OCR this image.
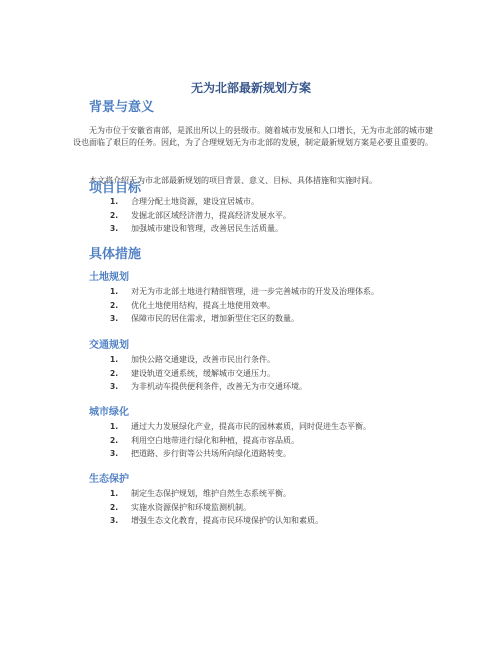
无为北部最新规划方案
背景与意义

无为市位于安徽省南部，是派出所以上的县级市。随着城市发展和人口增长，无为市北部的城市建设也面临了艰巨的任务。因此，为了合理规划无为市北部的发展，制定最新规划方案是必要且重要的。

本文将介绍无为市北部最新规划的项目背景、意义、目标、具体措施和实施时间。

项目目标
1. 合理分配土地资源，建设宜居城市。
2. 发掘北部区域经济潜力，提高经济发展水平。
3. 加强城市建设和管理，改善居民生活质量。
具体措施
土地规划
1. 对无为市北部土地进行精细管理，进一步完善城市的开发及治理体系。
2. 优化土地使用结构，提高土地使用效率。
3. 保障市民的居住需求，增加新型住宅区的数量。
交通规划
1. 加快公路交通建设，改善市民出行条件。
2. 建设轨道交通系统，缓解城市交通压力。
3. 为非机动车提供便利条件，改善无为市交通环境。
城市绿化
1. 通过大力发展绿化产业，提高市民的园林素质，同时促进生态平衡。
2. 利用空白地带进行绿化和种植，提高市容品质。
3. 把道路、步行街等公共场所向绿化道路转变。
生态保护
1. 制定生态保护规划，维护自然生态系统平衡。
2. 实施水资源保护和环境监测机制。
3. 增强生态文化教育，提高市民环境保护的认知和素质。
